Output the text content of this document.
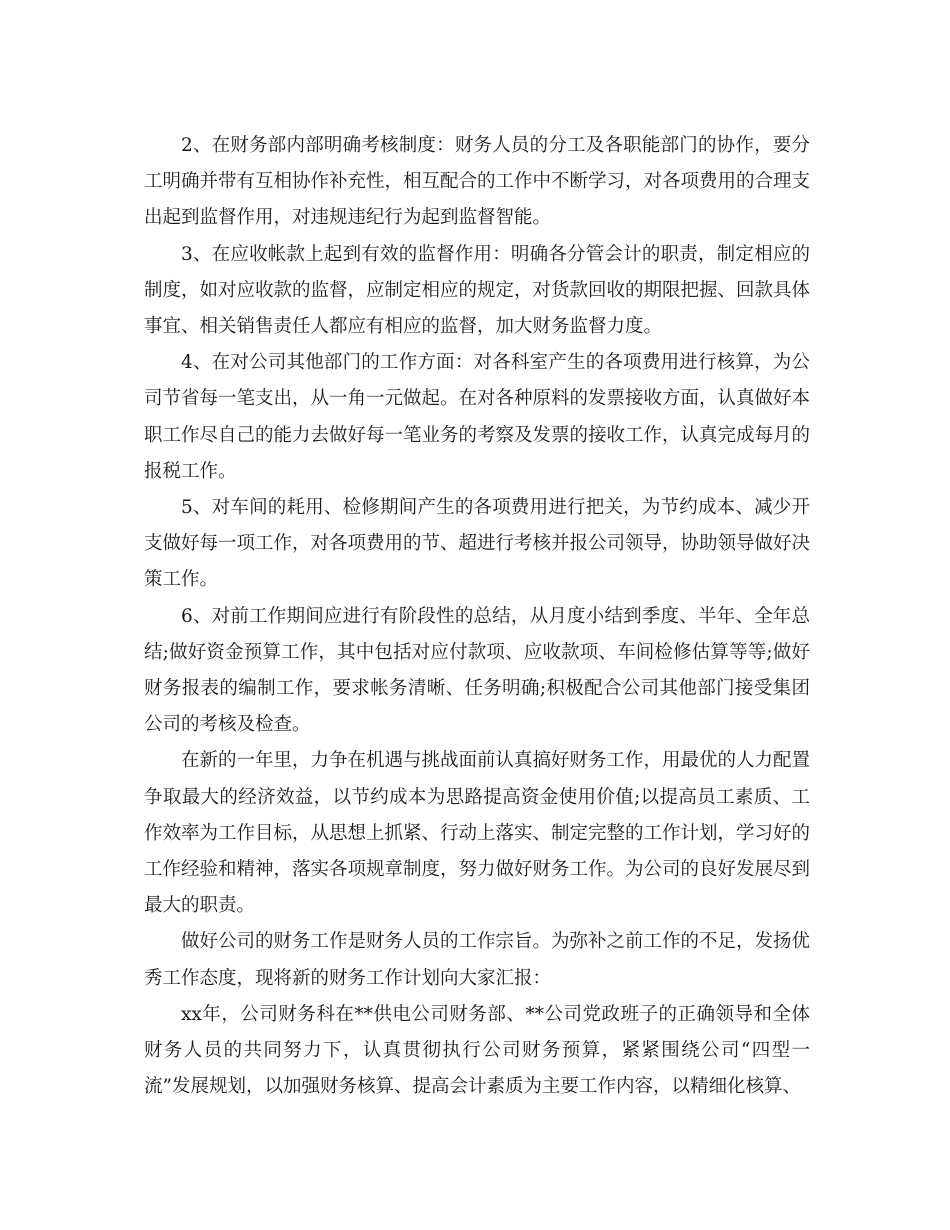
2、在财务部内部明确考核制度：财务人员的分工及各职能部门的协作，要分工明确并带有互相协作补充性，相互配合的工作中不断学习，对各项费用的合理支出起到监督作用，对违规违纪行为起到监督智能。

3、在应收帐款上起到有效的监督作用：明确各分管会计的职责，制定相应的制度，如对应收款的监督，应制定相应的规定，对货款回收的期限把握、回款具体事宜、相关销售责任人都应有相应的监督，加大财务监督力度。

4、在对公司其他部门的工作方面：对各科室产生的各项费用进行核算，为公司节省每一笔支出，从一角一元做起。在对各种原料的发票接收方面，认真做好本职工作尽自己的能力去做好每一笔业务的考察及发票的接收工作，认真完成每月的报税工作。

5、对车间的耗用、检修期间产生的各项费用进行把关，为节约成本、减少开支做好每一项工作，对各项费用的节、超进行考核并报公司领导，协助领导做好决策工作。

6、对前工作期间应进行有阶段性的总结，从月度小结到季度、半年、全年总结;做好资金预算工作，其中包括对应付款项、应收款项、车间检修估算等等;做好财务报表的编制工作，要求帐务清晰、任务明确;积极配合公司其他部门接受集团公司的考核及检查。

在新的一年里，力争在机遇与挑战面前认真搞好财务工作，用最优的人力配置争取最大的经济效益，以节约成本为思路提高资金使用价值;以提高员工素质、工作效率为工作目标，从思想上抓紧、行动上落实、制定完整的工作计划，学习好的工作经验和精神，落实各项规章制度，努力做好财务工作。为公司的良好发展尽到最大的职责。

做好公司的财务工作是财务人员的工作宗旨。为弥补之前工作的不足，发扬优秀工作态度，现将新的财务工作计划向大家汇报：

xx年，公司财务科在**供电公司财务部、**公司党政班子的正确领导和全体财务人员的共同努力下，认真贯彻执行公司财务预算，紧紧围绕公司“四型一流”发展规划，以加强财务核算、提高会计素质为主要工作内容，以精细化核算、
